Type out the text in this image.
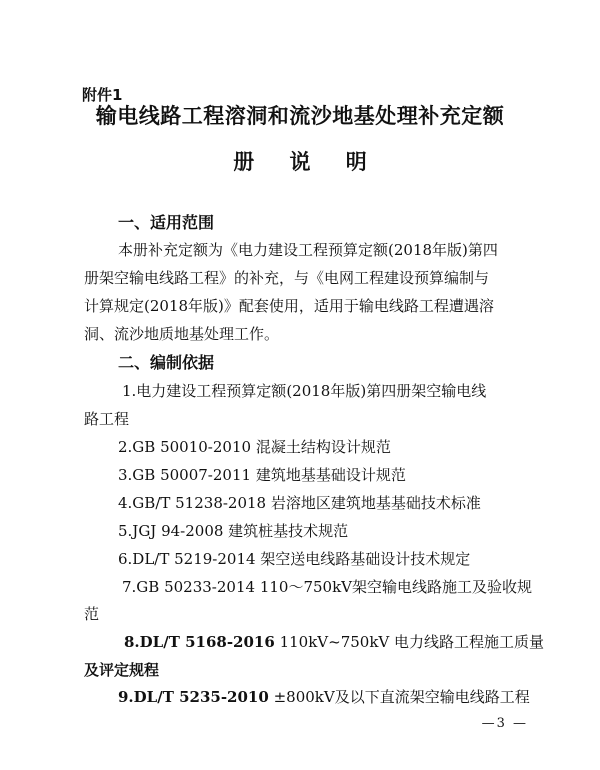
附件1
输电线路工程溶洞和流沙地基处理补充定额
册 说 明
一、适用范围
本册补充定额为《电力建设工程预算定额(2018年版)第四
册架空输电线路工程》的补充，与《电网工程建设预算编制与
计算规定(2018年版)》配套使用，适用于输电线路工程遭遇溶
洞、流沙地质地基处理工作。
二、编制依据
1.电力建设工程预算定额(2018年版)第四册架空输电线
路工程
2.GB 50010-2010 混凝土结构设计规范
3.GB 50007-2011 建筑地基基础设计规范
4.GB/T 51238-2018 岩溶地区建筑地基基础技术标准
5.JGJ 94-2008 建筑桩基技术规范
6.DL/T 5219-2014 架空送电线路基础设计技术规定
7.GB 50233-2014 110～750kV架空输电线路施工及验收规
范
8.DL/T 5168-2016 110kV~750kV 电力线路工程施工质量
及评定规程
9.DL/T 5235-2010 ±800kV及以下直流架空输电线路工程
—3 —
